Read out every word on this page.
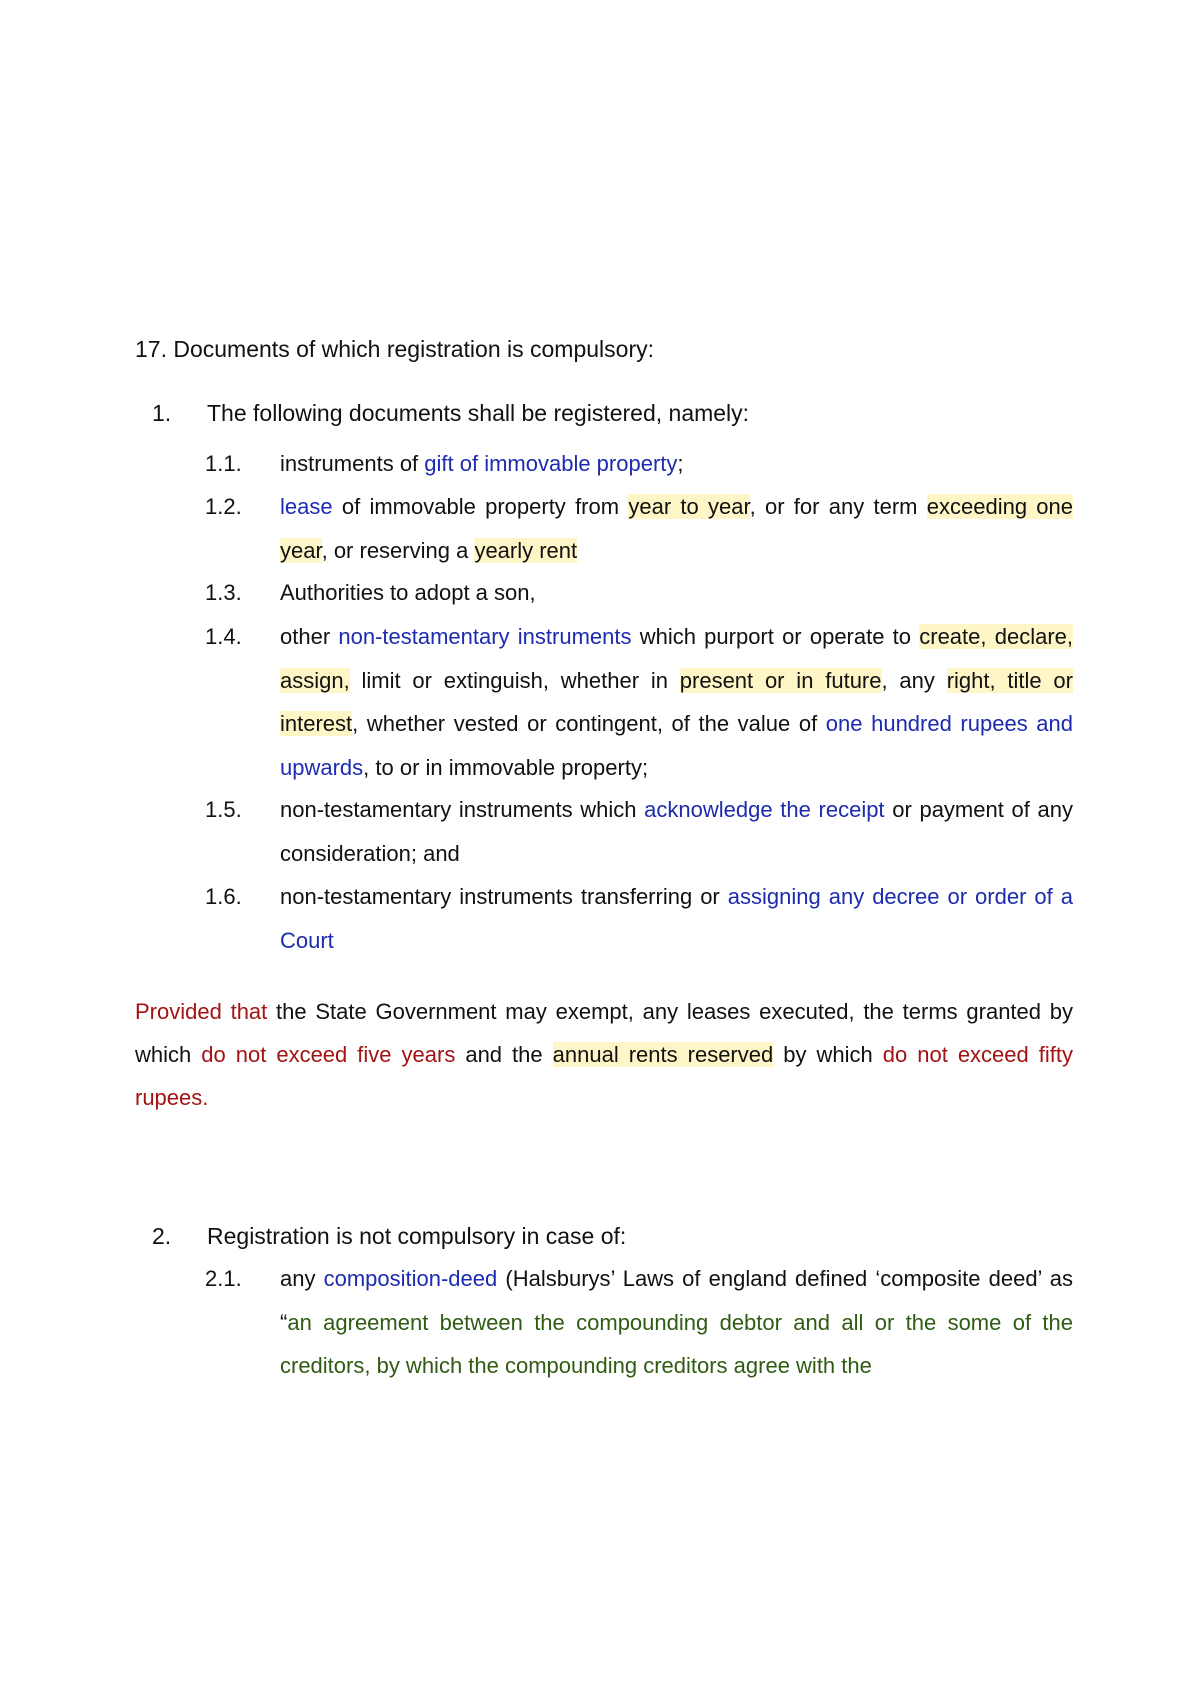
17. Documents of which registration is compulsory:
1. The following documents shall be registered, namely:
1.1. instruments of gift of immovable property;
1.2. lease of immovable property from year to year, or for any term exceeding one year, or reserving a yearly rent
1.3. Authorities to adopt a son,
1.4. other non-testamentary instruments which purport or operate to create, declare, assign, limit or extinguish, whether in present or in future, any right, title or interest, whether vested or contingent, of the value of one hundred rupees and upwards, to or in immovable property;
1.5. non-testamentary instruments which acknowledge the receipt or payment of any consideration; and
1.6. non-testamentary instruments transferring or assigning any decree or order of a Court
Provided that the State Government may exempt, any leases executed, the terms granted by which do not exceed five years and the annual rents reserved by which do not exceed fifty rupees.
2. Registration is not compulsory in case of:
2.1. any composition-deed (Halsburys’ Laws of england defined ‘composite deed’ as “an agreement between the compounding debtor and all or the some of the creditors, by which the compounding creditors agree with the
